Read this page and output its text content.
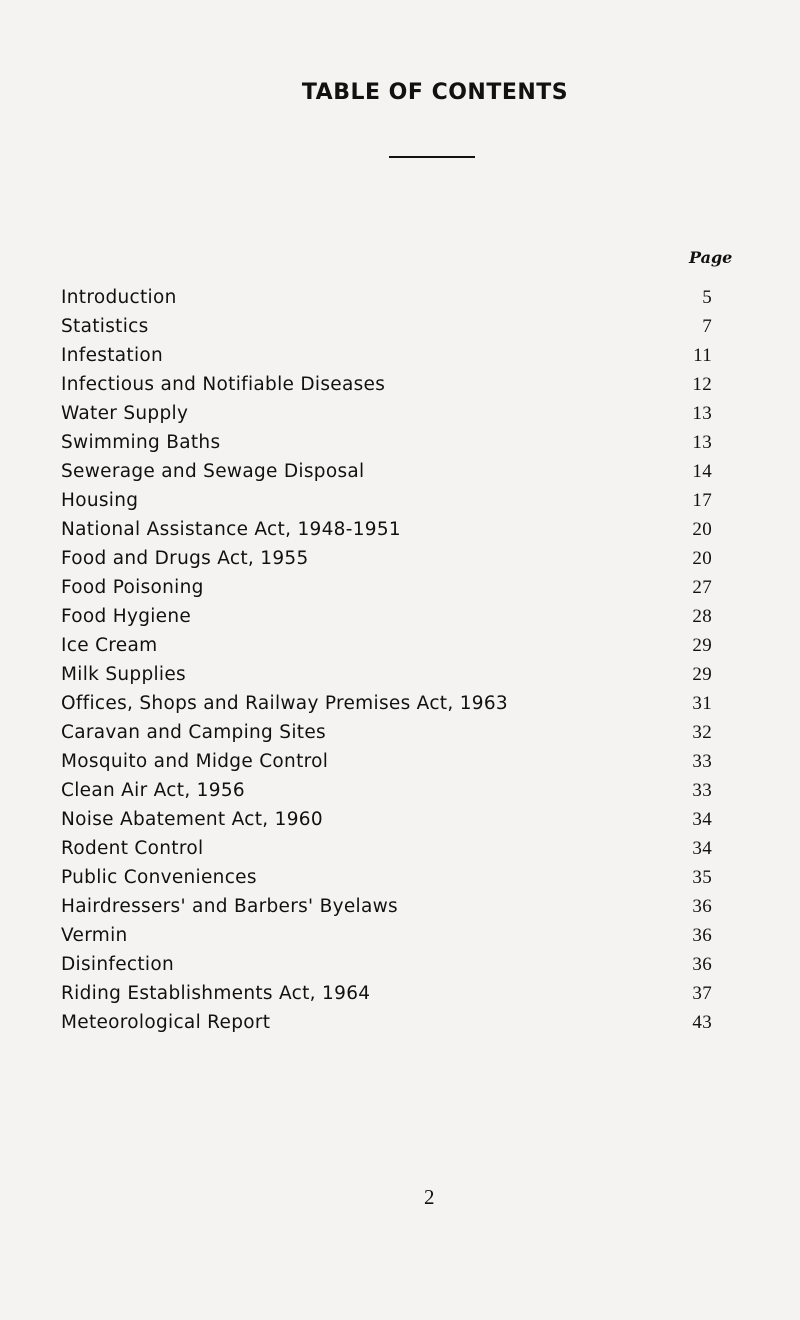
TABLE OF CONTENTS
Page
Introduction	5
Statistics	7
Infestation	11
Infectious and Notifiable Diseases	12
Water Supply	13
Swimming Baths	13
Sewerage and Sewage Disposal	14
Housing	17
National Assistance Act, 1948-1951	20
Food and Drugs Act, 1955	20
Food Poisoning	27
Food Hygiene	28
Ice Cream	29
Milk Supplies	29
Offices, Shops and Railway Premises Act, 1963	31
Caravan and Camping Sites	32
Mosquito and Midge Control	33
Clean Air Act, 1956	33
Noise Abatement Act, 1960	34
Rodent Control	34
Public Conveniences	35
Hairdressers' and Barbers' Byelaws	36
Vermin	36
Disinfection	36
Riding Establishments Act, 1964	37
Meteorological Report	43
2
